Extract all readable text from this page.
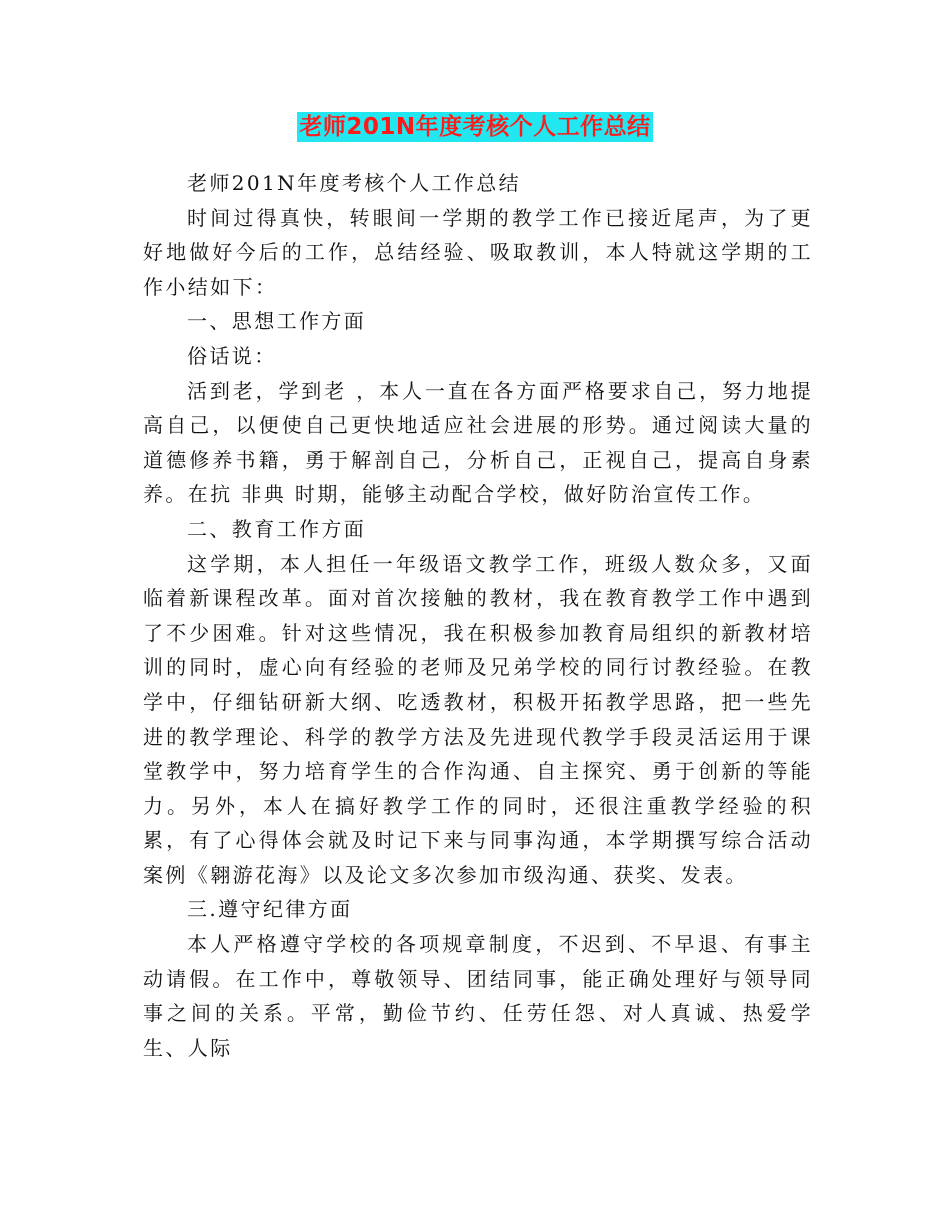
老师201N年度考核个人工作总结

老师201N年度考核个人工作总结

时间过得真快，转眼间一学期的教学工作已接近尾声，为了更好地做好今后的工作，总结经验、吸取教训，本人特就这学期的工作小结如下：

一、思想工作方面

俗话说：

活到老，学到老 ，本人一直在各方面严格要求自己，努力地提高自己，以便使自己更快地适应社会进展的形势。通过阅读大量的道德修养书籍，勇于解剖自己，分析自己，正视自己，提高自身素养。在抗 非典 时期，能够主动配合学校，做好防治宣传工作。

二、教育工作方面

这学期，本人担任一年级语文教学工作，班级人数众多，又面临着新课程改革。面对首次接触的教材，我在教育教学工作中遇到了不少困难。针对这些情况，我在积极参加教育局组织的新教材培训的同时，虚心向有经验的老师及兄弟学校的同行讨教经验。在教学中，仔细钻研新大纲、吃透教材，积极开拓教学思路，把一些先进的教学理论、科学的教学方法及先进现代教学手段灵活运用于课堂教学中，努力培育学生的合作沟通、自主探究、勇于创新的等能力。另外，本人在搞好教学工作的同时，还很注重教学经验的积累，有了心得体会就及时记下来与同事沟通，本学期撰写综合活动案例《翱游花海》以及论文多次参加市级沟通、获奖、发表。

三.遵守纪律方面

本人严格遵守学校的各项规章制度，不迟到、不早退、有事主动请假。在工作中，尊敬领导、团结同事，能正确处理好与领导同事之间的关系。平常，勤俭节约、任劳任怨、对人真诚、热爱学生、人际
